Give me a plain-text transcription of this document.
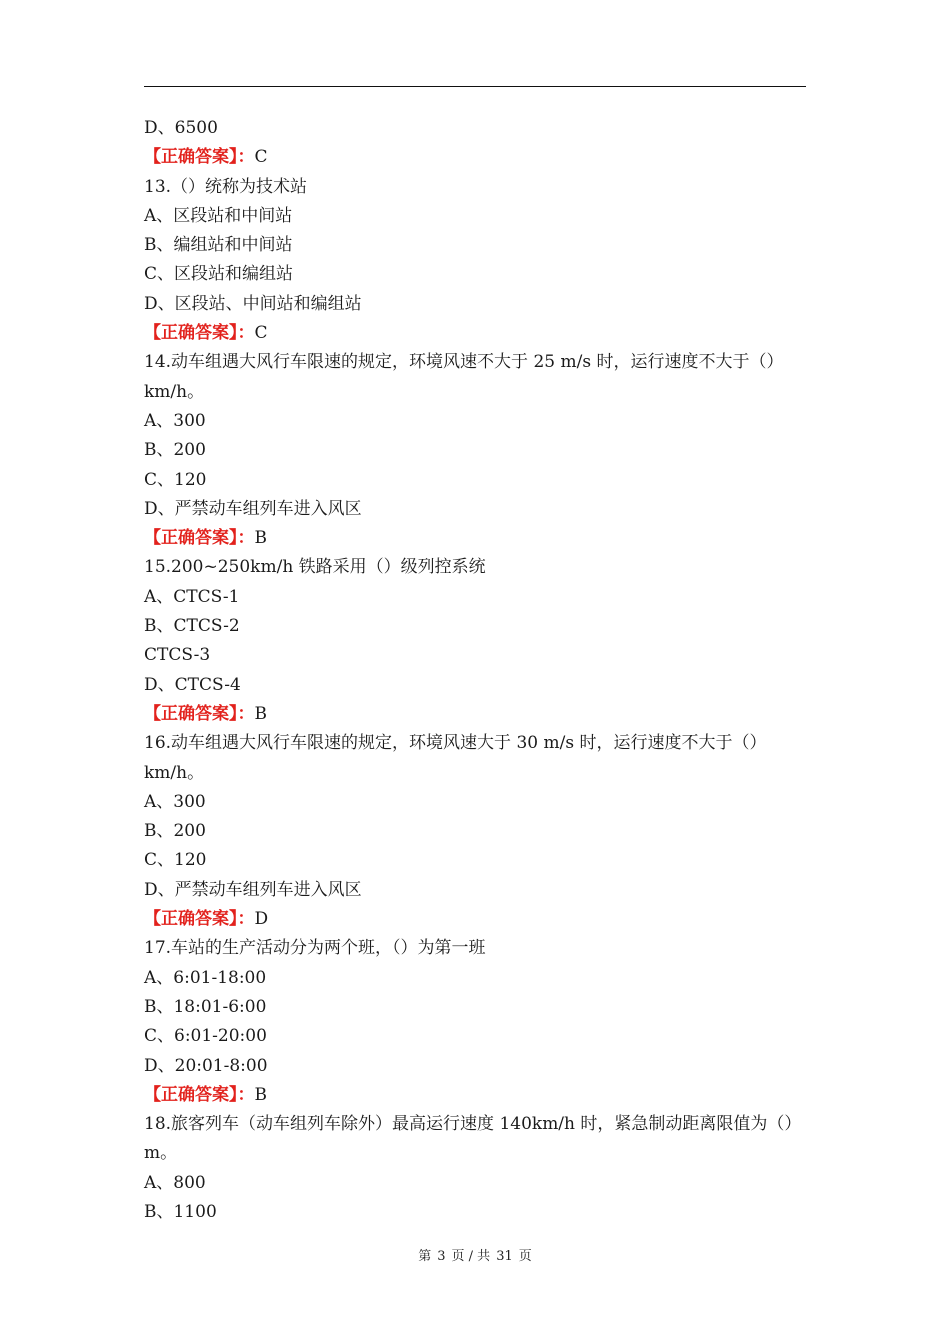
D、6500
【正确答案】：C
13.（）统称为技术站
A、区段站和中间站
B、编组站和中间站
C、区段站和编组站
D、区段站、中间站和编组站
【正确答案】：C
14.动车组遇大风行车限速的规定，环境风速不大于 25 m/s 时，运行速度不大于（）km/h。
A、300
B、200
C、120
D、严禁动车组列车进入风区
【正确答案】：B
15.200~250km/h 铁路采用（）级列控系统
A、CTCS-1
B、CTCS-2
CTCS-3
D、CTCS-4
【正确答案】：B
16.动车组遇大风行车限速的规定，环境风速大于 30 m/s 时，运行速度不大于（）km/h。
A、300
B、200
C、120
D、严禁动车组列车进入风区
【正确答案】：D
17.车站的生产活动分为两个班，（）为第一班
A、6:01-18:00
B、18:01-6:00
C、6:01-20:00
D、20:01-8:00
【正确答案】：B
18.旅客列车（动车组列车除外）最高运行速度 140km/h 时，紧急制动距离限值为（）m。
A、800
B、1100
第 3 页 / 共 31 页
